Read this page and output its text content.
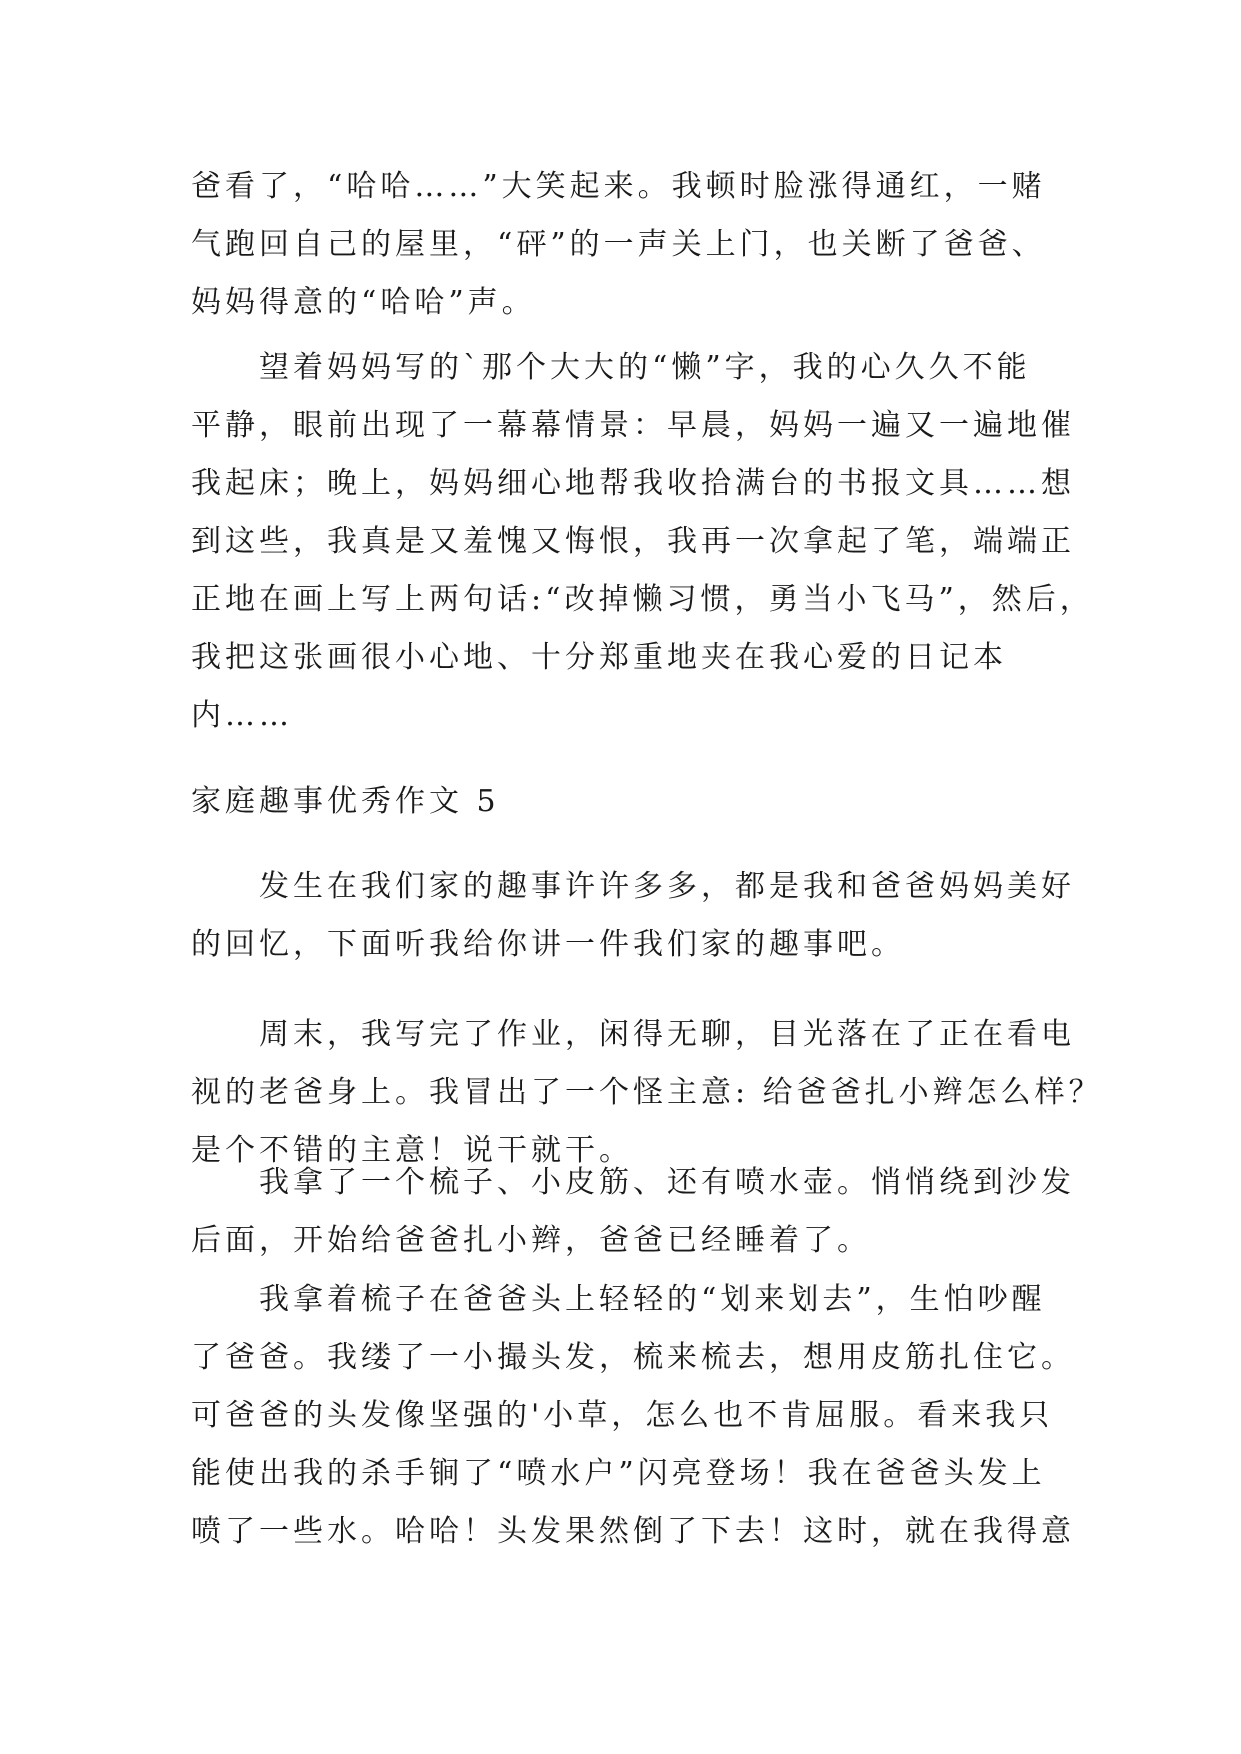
爸看了，“哈哈……”大笑起来。我顿时脸涨得通红，一赌
气跑回自己的屋里，“砰”的一声关上门，也关断了爸爸、
妈妈得意的“哈哈”声。
望着妈妈写的`那个大大的“懒”字，我的心久久不能
平静，眼前出现了一幕幕情景：早晨，妈妈一遍又一遍地催
我起床；晚上，妈妈细心地帮我收拾满台的书报文具……想
到这些，我真是又羞愧又悔恨，我再一次拿起了笔，端端正
正地在画上写上两句话:“改掉懒习惯，勇当小飞马”，然后，
我把这张画很小心地、十分郑重地夹在我心爱的日记本
内……
家庭趣事优秀作文 5
发生在我们家的趣事许许多多，都是我和爸爸妈妈美好
的回忆，下面听我给你讲一件我们家的趣事吧。
周末，我写完了作业，闲得无聊，目光落在了正在看电
视的老爸身上。我冒出了一个怪主意: 给爸爸扎小辫怎么样？
是个不错的主意！说干就干。
我拿了一个梳子、小皮筋、还有喷水壶。悄悄绕到沙发
后面，开始给爸爸扎小辫，爸爸已经睡着了。
我拿着梳子在爸爸头上轻轻的“划来划去”，生怕吵醒
了爸爸。我缕了一小撮头发，梳来梳去，想用皮筋扎住它。
可爸爸的头发像坚强的'小草，怎么也不肯屈服。看来我只
能使出我的杀手锏了“喷水户”闪亮登场！我在爸爸头发上
喷了一些水。哈哈！头发果然倒了下去！这时，就在我得意
